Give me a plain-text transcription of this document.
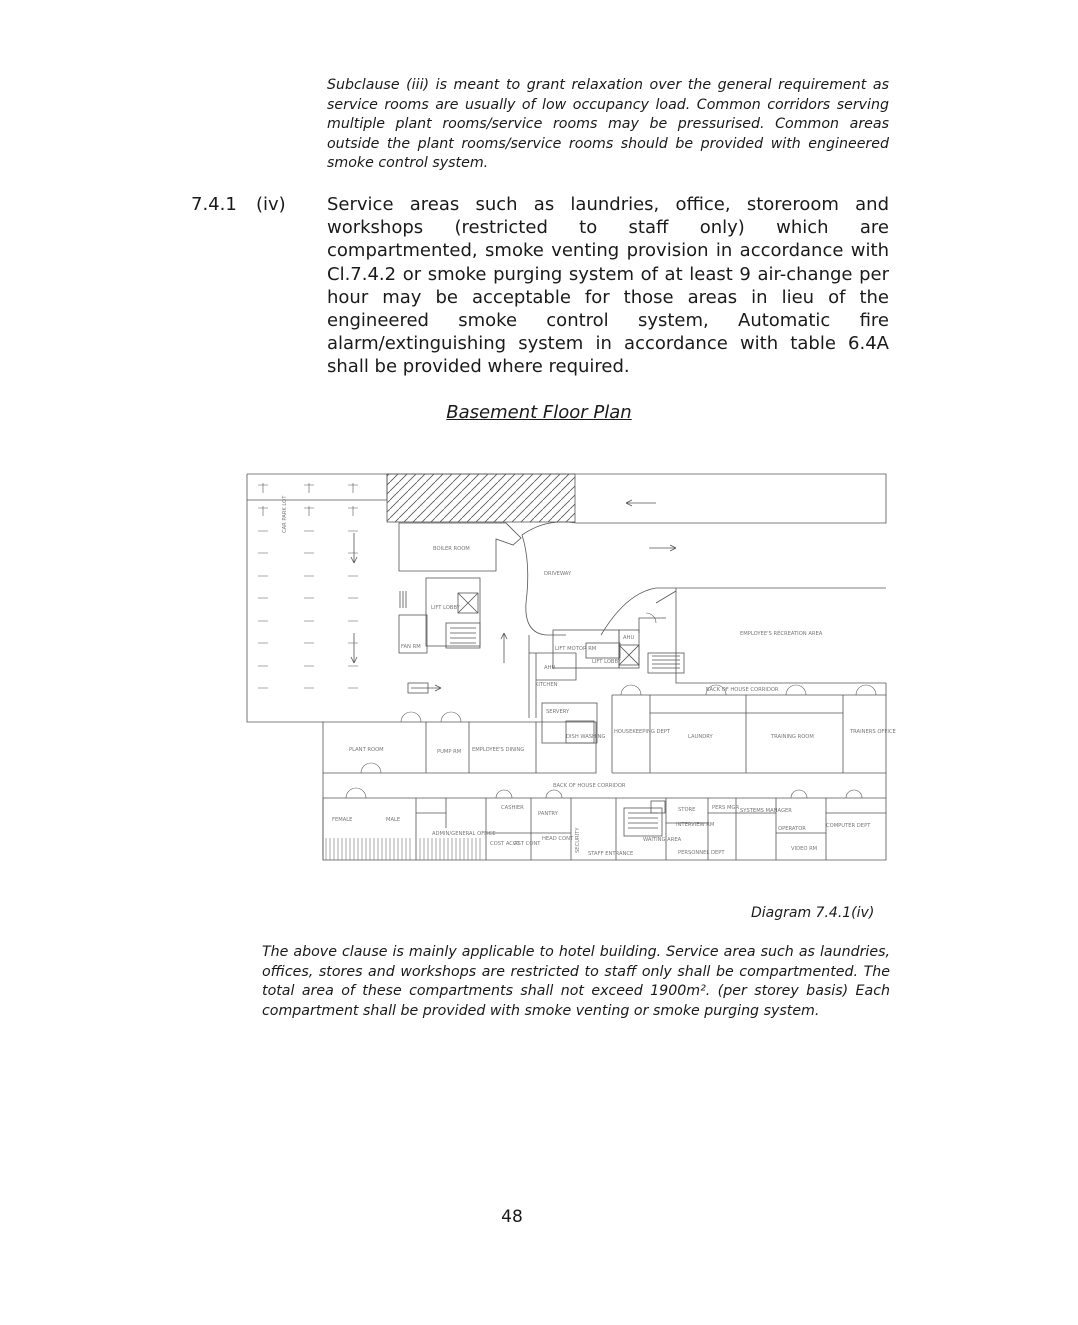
Subclause (iii) is meant to grant relaxation over the general requirement as service rooms are usually of low occupancy load. Common corridors serving multiple plant rooms/service rooms may be pressurised. Common areas outside the plant rooms/service rooms should be provided with engineered smoke control system.

7.4.1 (iv) Service areas such as laundries, office, storeroom and workshops (restricted to staff only) which are compartmented, smoke venting provision in accordance with Cl.7.4.2 or smoke purging system of at least 9 air-change per hour may be acceptable for those areas in lieu of the engineered smoke control system, Automatic fire alarm/extinguishing system in accordance with table 6.4A shall be provided where required.

Basement Floor Plan
CAR PARK LOT
BOILER ROOM
DRIVEWAY
LIFT LOBBY
FAN RM	LIFT MOTOR RM
AHU
AHU
LIFT LOBBY
EMPLOYEE'S RECREATION AREA
KITCHEN
SERVERY
DISH WASHING
BACK OF HOUSE CORRIDOR
HOUSEKEEPING DEPT
LAUNDRY	TRAINING ROOM
TRAINERS OFFICE
PLANT ROOM	PUMP RM EMPLOYEE'S DINING
BACK OF HOUSE CORRIDOR
FEMALE	MALE
ADMIN/GENERAL OFFICE
CASHIER
PANTRY
SECURITY
COST ACCT
AST CONT
HEAD CONT
STAFF ENTRANCE
WAITING AREA
INTERVIEW RM
STORE	PERS MGR
PERSONNEL DEPT
SYSTEMS MANAGER
OPERATOR	COMPUTER DEPT
VIDEO RM
Diagram 7.4.1(iv)

The above clause is mainly applicable to hotel building. Service area such as laundries, offices, stores and workshops are restricted to staff only shall be compartmented. The total area of these compartments shall not exceed 1900m². (per storey basis) Each compartment shall be provided with smoke venting or smoke purging system.

48
